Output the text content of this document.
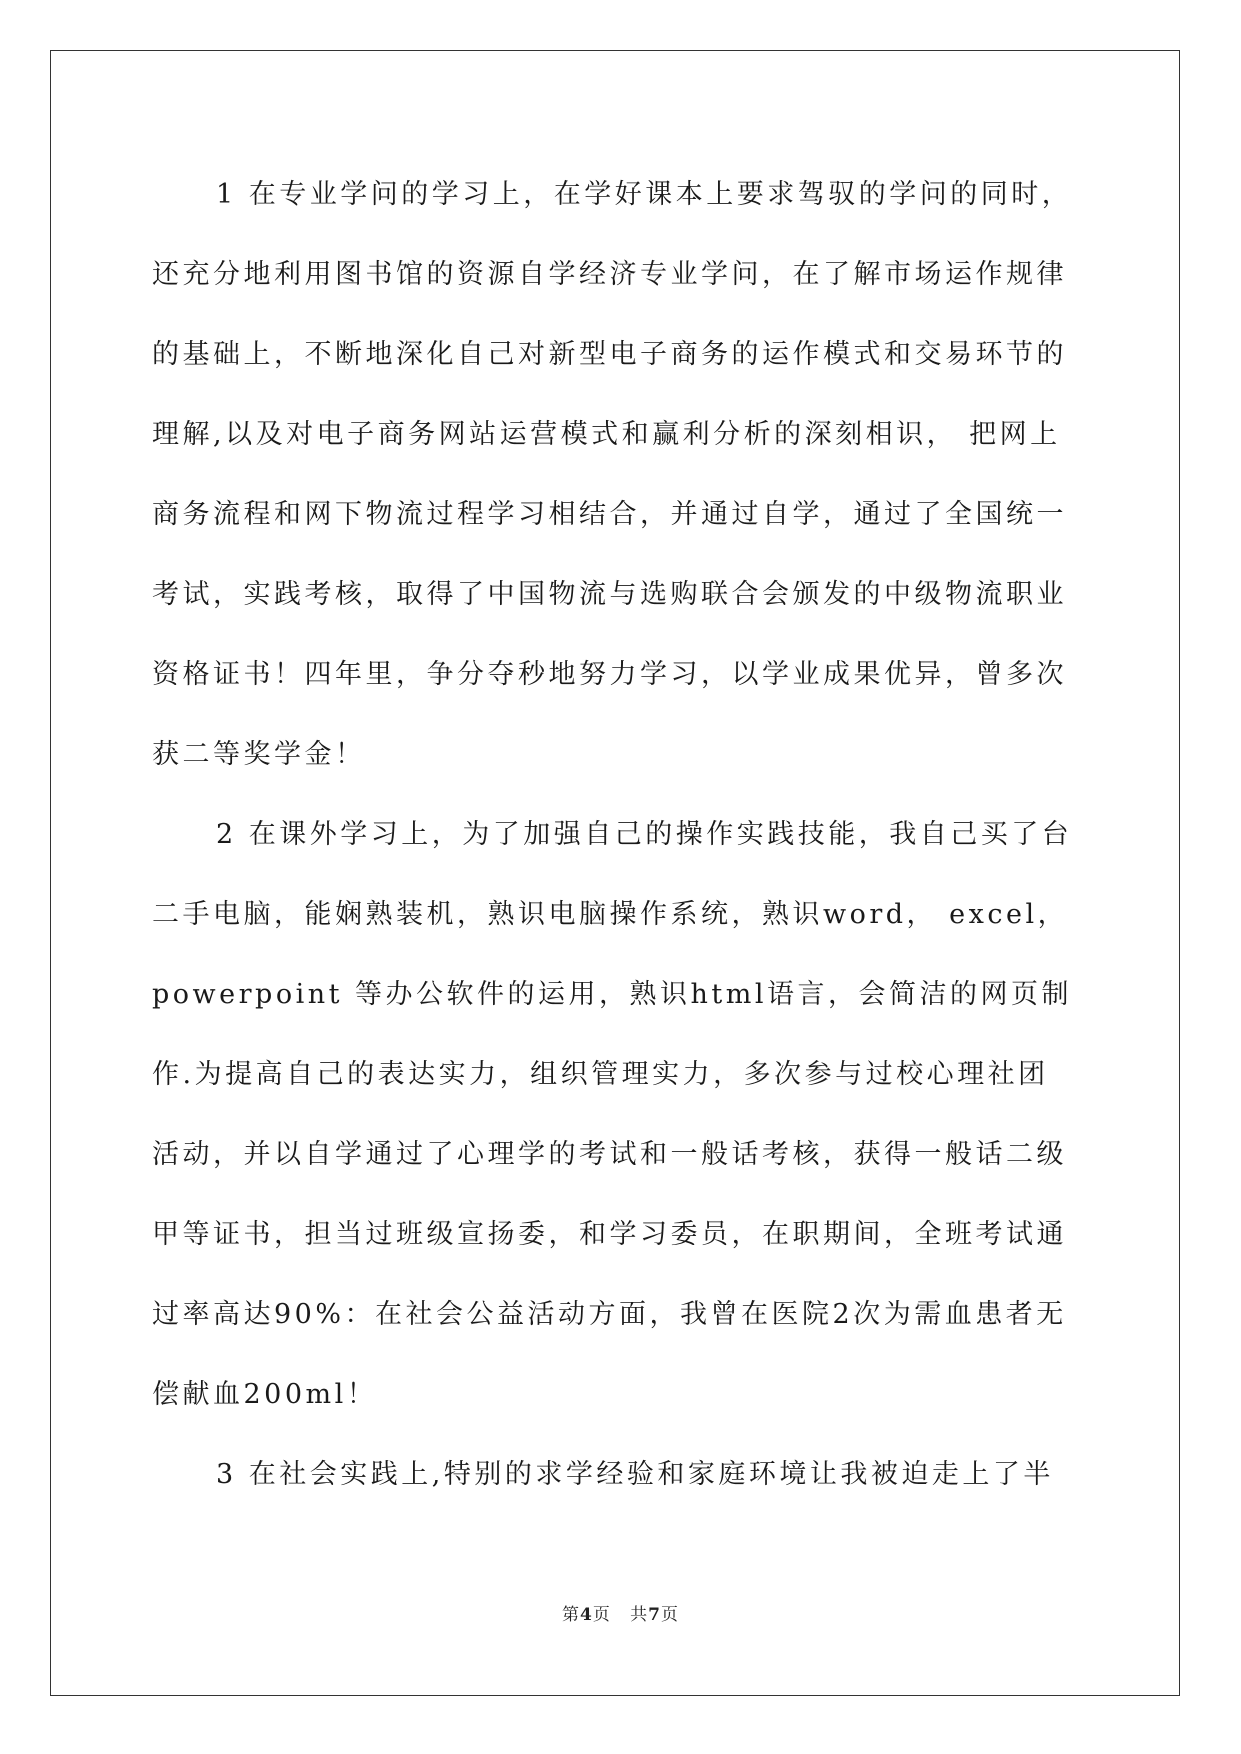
1 在专业学问的学习上，在学好课本上要求驾驭的学问的同时，
还充分地利用图书馆的资源自学经济专业学问，在了解市场运作规律
的基础上，不断地深化自己对新型电子商务的运作模式和交易环节的
理解,以及对电子商务网站运营模式和赢利分析的深刻相识， 把网上
商务流程和网下物流过程学习相结合，并通过自学，通过了全国统一
考试，实践考核，取得了中国物流与选购联合会颁发的中级物流职业
资格证书！四年里，争分夺秒地努力学习，以学业成果优异，曾多次
获二等奖学金！
2 在课外学习上，为了加强自己的操作实践技能，我自己买了台
二手电脑，能娴熟装机，熟识电脑操作系统，熟识word， excel，
powerpoint 等办公软件的运用，熟识html语言，会简洁的网页制
作.为提高自己的表达实力，组织管理实力，多次参与过校心理社团
活动，并以自学通过了心理学的考试和一般话考核，获得一般话二级
甲等证书，担当过班级宣扬委，和学习委员，在职期间，全班考试通
过率高达90%：在社会公益活动方面，我曾在医院2次为需血患者无
偿献血200ml！
3 在社会实践上,特别的求学经验和家庭环境让我被迫走上了半
第4页   共7页
